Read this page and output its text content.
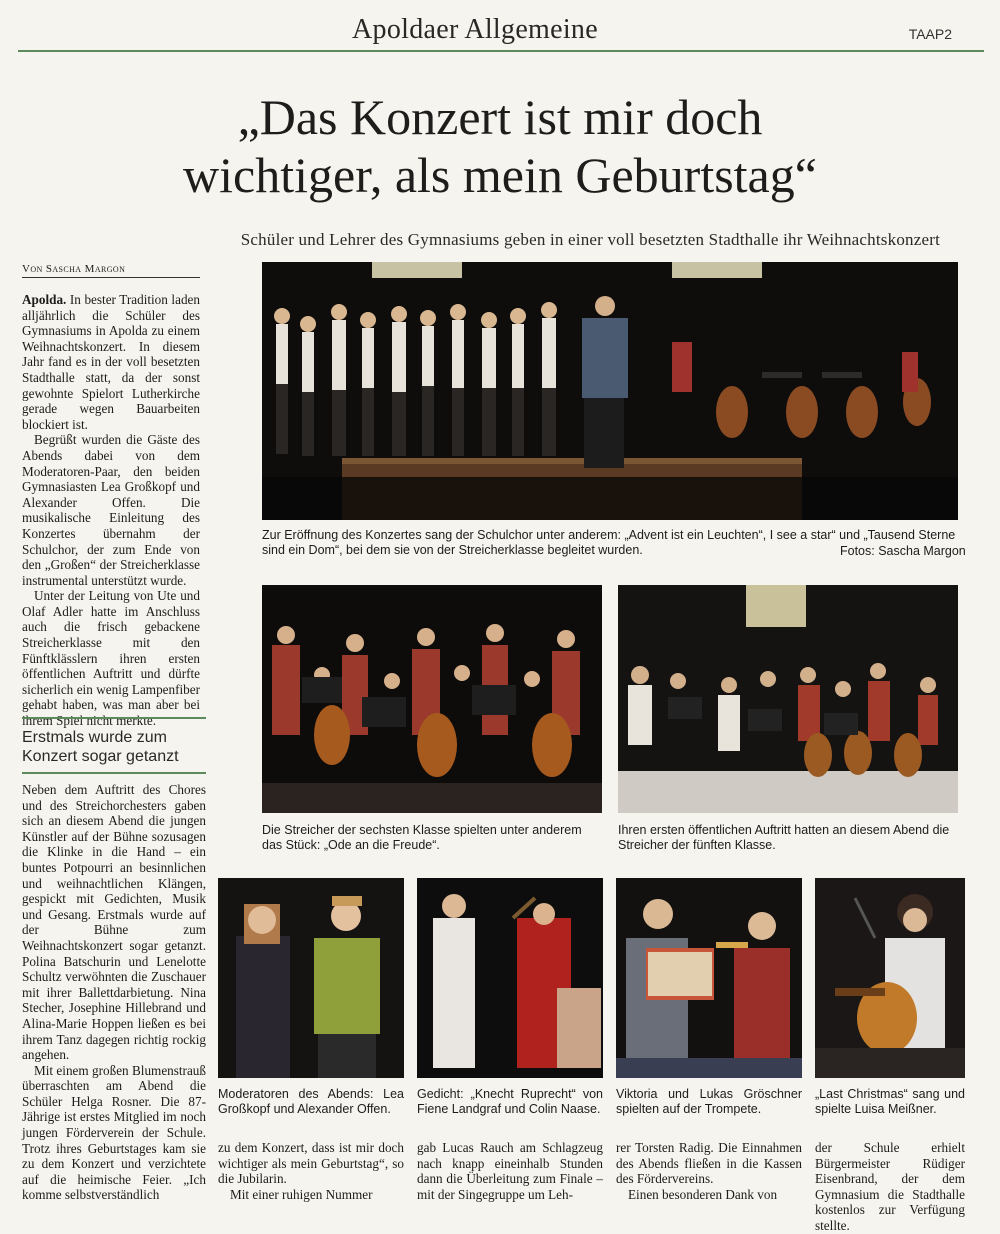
Apoldaer Allgemeine	TAAP2
„Das Konzert ist mir doch
wichtiger, als mein Geburtstag“
Schüler und Lehrer des Gymnasiums geben in einer voll besetzten Stadthalle ihr Weihnachtskonzert
Von Sascha Margon

Apolda. In bester Tradition laden alljährlich die Schüler des Gymnasiums in Apolda zu einem Weihnachtskonzert. In diesem Jahr fand es in der voll besetzten Stadthalle statt, da der sonst gewohnte Spielort Lutherkirche gerade wegen Bauarbeiten blockiert ist.

Begrüßt wurden die Gäste des Abends dabei von dem Moderatoren-Paar, den beiden Gymnasiasten Lea Großkopf und Alexander Offen. Die musikalische Einleitung des Konzertes übernahm der Schulchor, der zum Ende von den „Großen“ der Streicherklasse instrumental unterstützt wurde.

Unter der Leitung von Ute und Olaf Adler hatte im Anschluss auch die frisch gebackene Streicherklasse mit den Fünftklässlern ihren ersten öffentlichen Auftritt und dürfte sicherlich ein wenig Lampenfiber gehabt haben, was man aber bei ihrem Spiel nicht merkte.

Erstmals wurde zum Konzert sogar getanzt

Neben dem Auftritt des Chores und des Streichorchesters gaben sich an diesem Abend die jungen Künstler auf der Bühne sozusagen die Klinke in die Hand – ein buntes Potpourri an besinnlichen und weihnachtlichen Klängen, gespickt mit Gedichten, Musik und Gesang. Erstmals wurde auf der Bühne zum Weihnachtskonzert sogar getanzt. Polina Batschurin und Lenelotte Schultz verwöhnten die Zuschauer mit ihrer Ballettdarbietung. Nina Stecher, Josephine Hillebrand und Alina-Marie Hoppen ließen es bei ihrem Tanz dagegen richtig rockig angehen.

Mit einem großen Blumenstrauß überraschten am Abend die Schüler Helga Rosner. Die 87-Jährige ist erstes Mitglied im noch jungen Förderverein der Schule. Trotz ihres Geburtstages kam sie zu dem Konzert und verzichtete auf die heimische Feier. „Ich komme selbstverständlich

Zur Eröffnung des Konzertes sang der Schulchor unter anderem: „Advent ist ein Leuchten“, I see a star“ und „Tausend Sterne sind ein Dom“, bei dem sie von der Streicherklasse begleitet wurden.	Fotos: Sascha Margon
Die Streicher der sechsten Klasse spielten unter anderem das Stück: „Ode an die Freude“.
Ihren ersten öffentlichen Auftritt hatten an diesem Abend die Streicher der fünften Klasse.
Moderatoren des Abends: Lea Großkopf und Alexander Offen.
Gedicht: „Knecht Ruprecht“ von Fiene Landgraf und Colin Naase.
Viktoria und Lukas Gröschner spielten auf der Trompete.
„Last Christmas“ sang und spielte Luisa Meißner.

zu dem Konzert, dass ist mir doch wichtiger als mein Geburtstag“, so die Jubilarin.

Mit einer ruhigen Nummer

gab Lucas Rauch am Schlagzeug nach knapp eineinhalb Stunden dann die Überleitung zum Finale – mit der Singegruppe um Leh-

rer Torsten Radig. Die Einnahmen des Abends fließen in die Kassen des Fördervereins.

Einen besonderen Dank von

der Schule erhielt Bürgermeister Rüdiger Eisenbrand, der dem Gymnasium die Stadthalle kostenlos zur Verfügung stellte.
